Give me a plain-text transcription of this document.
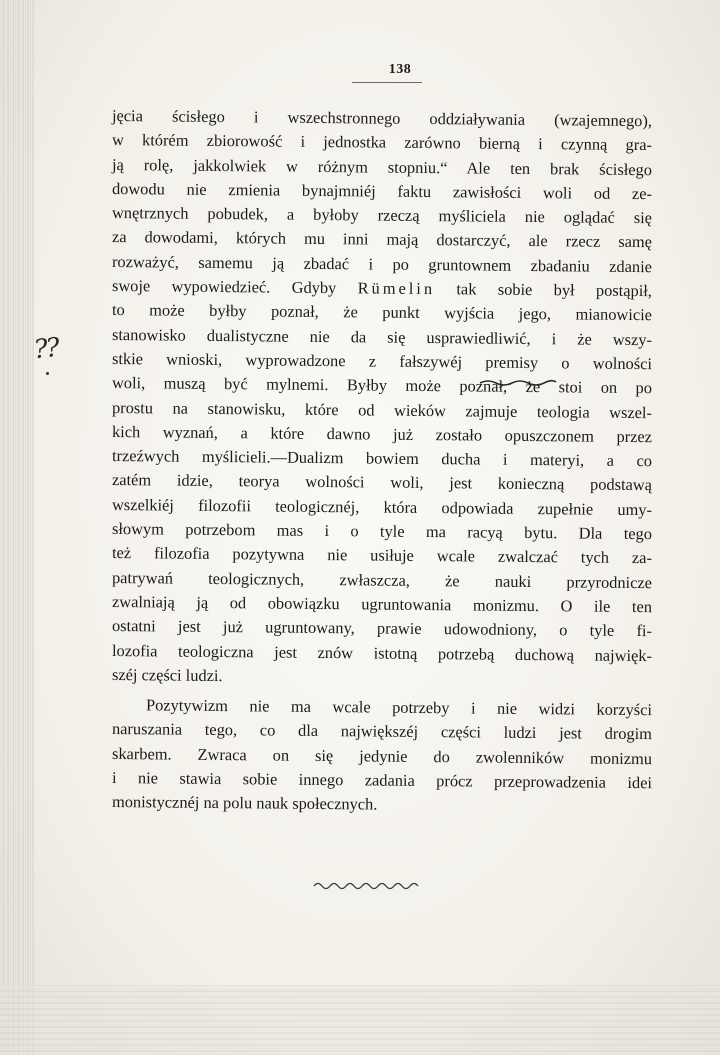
138
??
jęcia ścisłego i wszechstronnego oddziaływania (wzajemnego),
w którém zbiorowość i jednostka zarówno bierną i czynną gra-
ją rolę, jakkolwiek w różnym stopniu.“ Ale ten brak ścisłego
dowodu nie zmienia bynajmniéj faktu zawisłości woli od ze-
wnętrznych pobudek, a byłoby rzeczą myśliciela nie oglądać się
za dowodami, których mu inni mają dostarczyć, ale rzecz samę
rozważyć, samemu ją zbadać i po gruntownem zbadaniu zdanie
swoje wypowiedzieć. Gdyby Rümelin tak sobie był postąpił,
to może byłby poznał, że punkt wyjścia jego, mianowicie
stanowisko dualistyczne nie da się usprawiedliwić, i że wszy-
stkie wnioski, wyprowadzone z fałszywéj premisy o wolności
woli, muszą być mylnemi. Byłby może poznał, że stoi on po
prostu na stanowisku, które od wieków zajmuje teologia wszel-
kich wyznań, a które dawno już zostało opuszczonem przez
trzeźwych myślicieli.—Dualizm bowiem ducha i materyi, a co
zatém idzie, teorya wolności woli, jest konieczną podstawą
wszelkiéj filozofii teologicznéj, która odpowiada zupełnie umy-
słowym potrzebom mas i o tyle ma racyą bytu. Dla tego
też filozofia pozytywna nie usiłuje wcale zwalczać tych za-
patrywań teologicznych, zwłaszcza, że nauki przyrodnicze
zwalniają ją od obowiązku ugruntowania monizmu. O ile ten
ostatni jest już ugruntowany, prawie udowodniony, o tyle fi-
lozofia teologiczna jest znów istotną potrzebą duchową najwięk-
széj części ludzi.
Pozytywizm nie ma wcale potrzeby i nie widzi korzyści
naruszania tego, co dla największéj części ludzi jest drogim
skarbem. Zwraca on się jedynie do zwolenników monizmu
i nie stawia sobie innego zadania prócz przeprowadzenia idei
monistycznéj na polu nauk społecznych.
